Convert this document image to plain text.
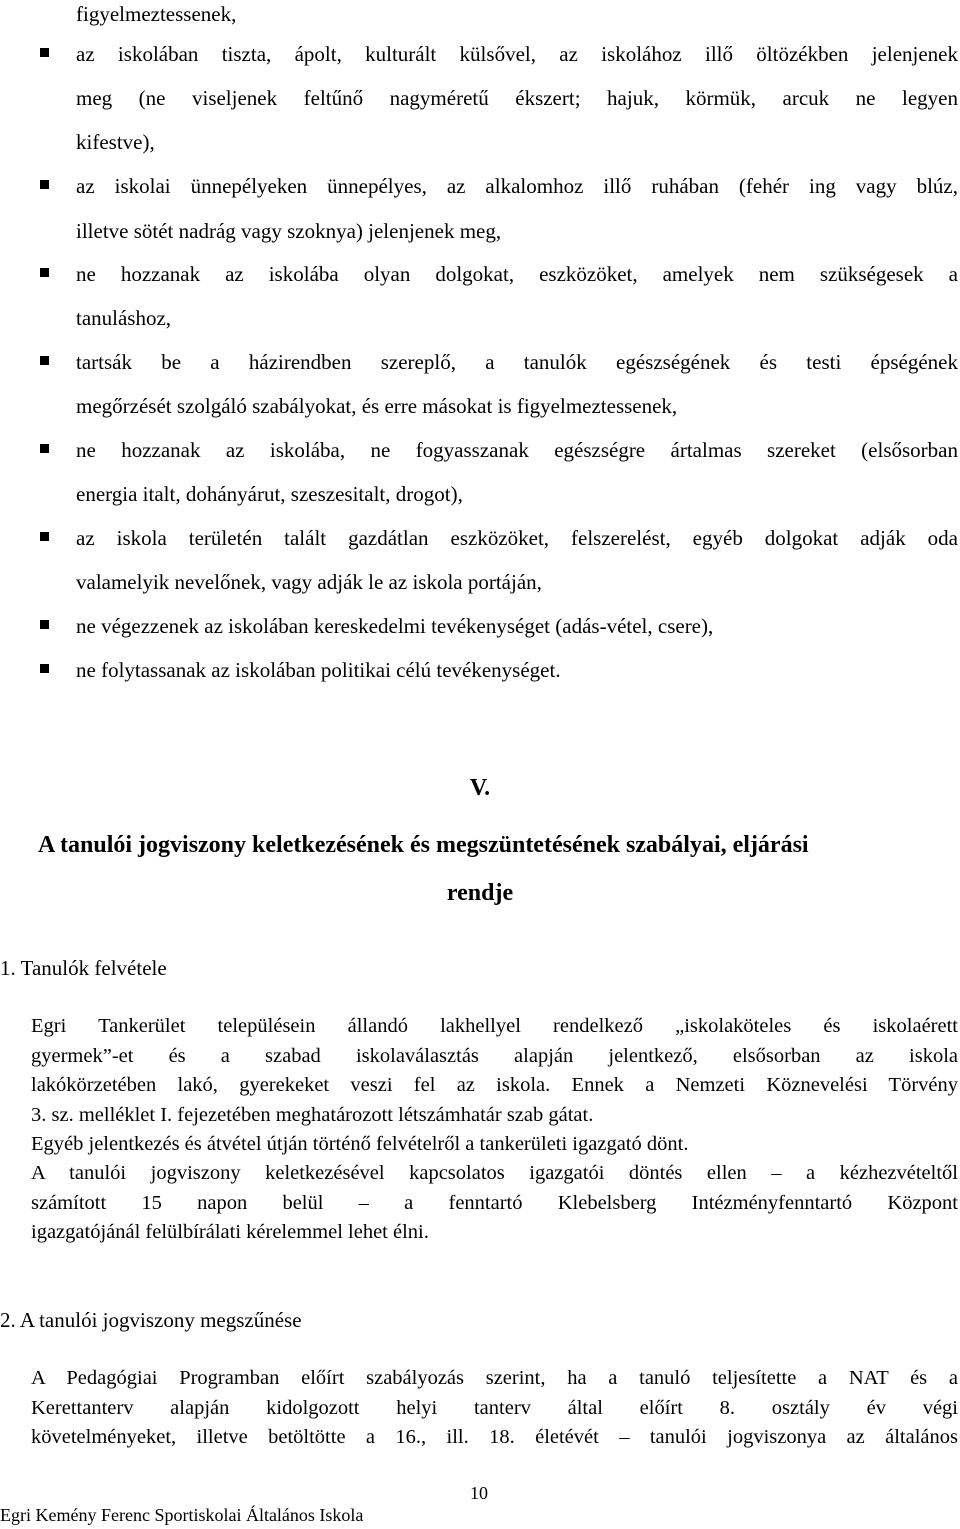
figyelmeztessenek,
az iskolában tiszta, ápolt, kulturált külsővel, az iskolához illő öltözékben jelenjenek
meg (ne viseljenek feltűnő nagyméretű ékszert; hajuk, körmük, arcuk ne legyen
kifestve),
az iskolai ünnepélyeken ünnepélyes, az alkalomhoz illő ruhában (fehér ing vagy blúz,
illetve sötét nadrág vagy szoknya) jelenjenek meg,
ne hozzanak az iskolába olyan dolgokat, eszközöket, amelyek nem szükségesek a
tanuláshoz,
tartsák be a házirendben szereplő, a tanulók egészségének és testi épségének
megőrzését szolgáló szabályokat, és erre másokat is figyelmeztessenek,
ne hozzanak az iskolába, ne fogyasszanak egészségre ártalmas szereket (elsősorban
energia italt, dohányárut, szeszesitalt, drogot),
az iskola területén talált gazdátlan eszközöket, felszerelést, egyéb dolgokat adják oda
valamelyik nevelőnek, vagy adják le az iskola portáján,
ne végezzenek az iskolában kereskedelmi tevékenységet (adás-vétel, csere),
ne folytassanak az iskolában politikai célú tevékenységet.
V.
A tanulói jogviszony keletkezésének és megszüntetésének szabályai, eljárási
rendje
1. Tanulók felvétele
Egri Tankerület településein állandó lakhellyel rendelkező „iskolaköteles és iskolaérett
gyermek”-et és a szabad iskolaválasztás alapján jelentkező, elsősorban az iskola
lakókörzetében lakó, gyerekeket veszi fel az iskola. Ennek a Nemzeti Köznevelési Törvény
3. sz. melléklet I. fejezetében meghatározott létszámhatár szab gátat.
Egyéb jelentkezés és átvétel útján történő felvételről a tankerületi igazgató dönt.
A tanulói jogviszony keletkezésével kapcsolatos igazgatói döntés ellen – a kézhezvételtől
számított 15 napon belül – a fenntartó Klebelsberg Intézményfenntartó Központ
igazgatójánál felülbírálati kérelemmel lehet élni.
2. A tanulói jogviszony megszűnése
A Pedagógiai Programban előírt szabályozás szerint, ha a tanuló teljesítette a NAT és a
Kerettanterv alapján kidolgozott helyi tanterv által előírt 8. osztály év végi
követelményeket, illetve betöltötte a 16., ill. 18. életévét – tanulói jogviszonya az általános
10
Egri Kemény Ferenc Sportiskolai Általános Iskola
